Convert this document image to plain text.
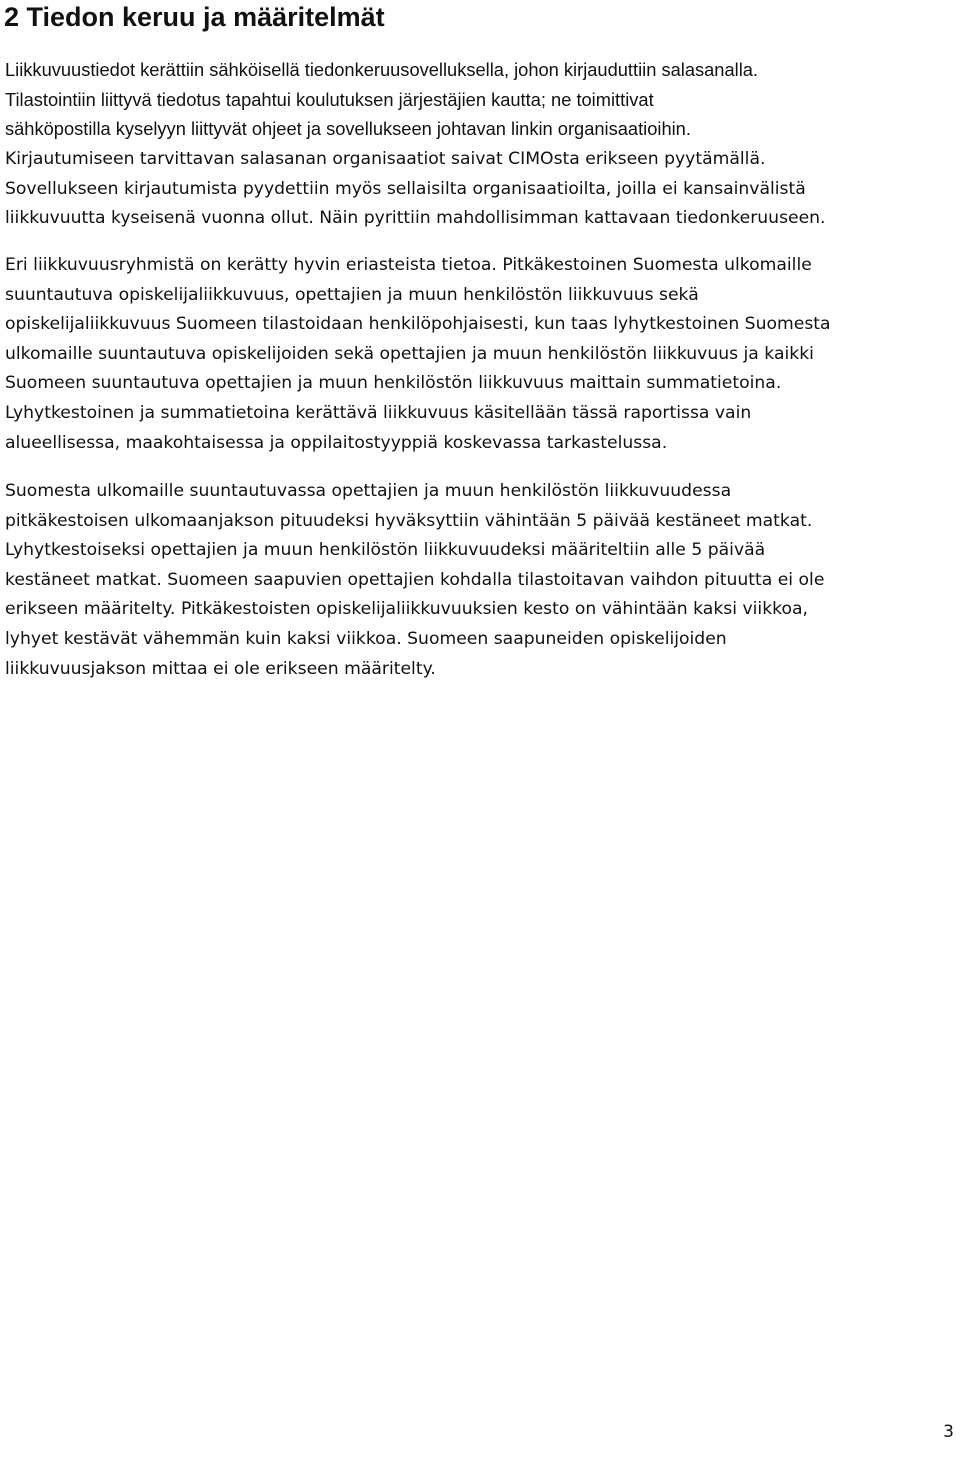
2 Tiedon keruu ja määritelmät

Liikkuvuustiedot kerättiin sähköisellä tiedonkeruusovelluksella, johon kirjauduttiin salasanalla.
Tilastointiin liittyvä tiedotus tapahtui koulutuksen järjestäjien kautta; ne toimittivat
sähköpostilla kyselyyn liittyvät ohjeet ja sovellukseen johtavan linkin organisaatioihin.

Kirjautumiseen tarvittavan salasanan organisaatiot saivat CIMOsta erikseen pyytämällä.
Sovellukseen kirjautumista pyydettiin myös sellaisilta organisaatioilta, joilla ei kansainvälistä
liikkuvuutta kyseisenä vuonna ollut. Näin pyrittiin mahdollisimman kattavaan tiedonkeruuseen.

Eri liikkuvuusryhmistä on kerätty hyvin eriasteista tietoa. Pitkäkestoinen Suomesta ulkomaille
suuntautuva opiskelijaliikkuvuus, opettajien ja muun henkilöstön liikkuvuus sekä
opiskelijaliikkuvuus Suomeen tilastoidaan henkilöpohjaisesti, kun taas lyhytkestoinen Suomesta
ulkomaille suuntautuva opiskelijoiden sekä opettajien ja muun henkilöstön liikkuvuus ja kaikki
Suomeen suuntautuva opettajien ja muun henkilöstön liikkuvuus maittain summatietoina.
Lyhytkestoinen ja summatietoina kerättävä liikkuvuus käsitellään tässä raportissa vain
alueellisessa, maakohtaisessa ja oppilaitostyyppiä koskevassa tarkastelussa.

Suomesta ulkomaille suuntautuvassa opettajien ja muun henkilöstön liikkuvuudessa
pitkäkestoisen ulkomaanjakson pituudeksi hyväksyttiin vähintään 5 päivää kestäneet matkat.
Lyhytkestoiseksi opettajien ja muun henkilöstön liikkuvuudeksi määriteltiin alle 5 päivää
kestäneet matkat. Suomeen saapuvien opettajien kohdalla tilastoitavan vaihdon pituutta ei ole
erikseen määritelty. Pitkäkestoisten opiskelijaliikkuvuuksien kesto on vähintään kaksi viikkoa,
lyhyet kestävät vähemmän kuin kaksi viikkoa. Suomeen saapuneiden opiskelijoiden
liikkuvuusjakson mittaa ei ole erikseen määritelty.

3
